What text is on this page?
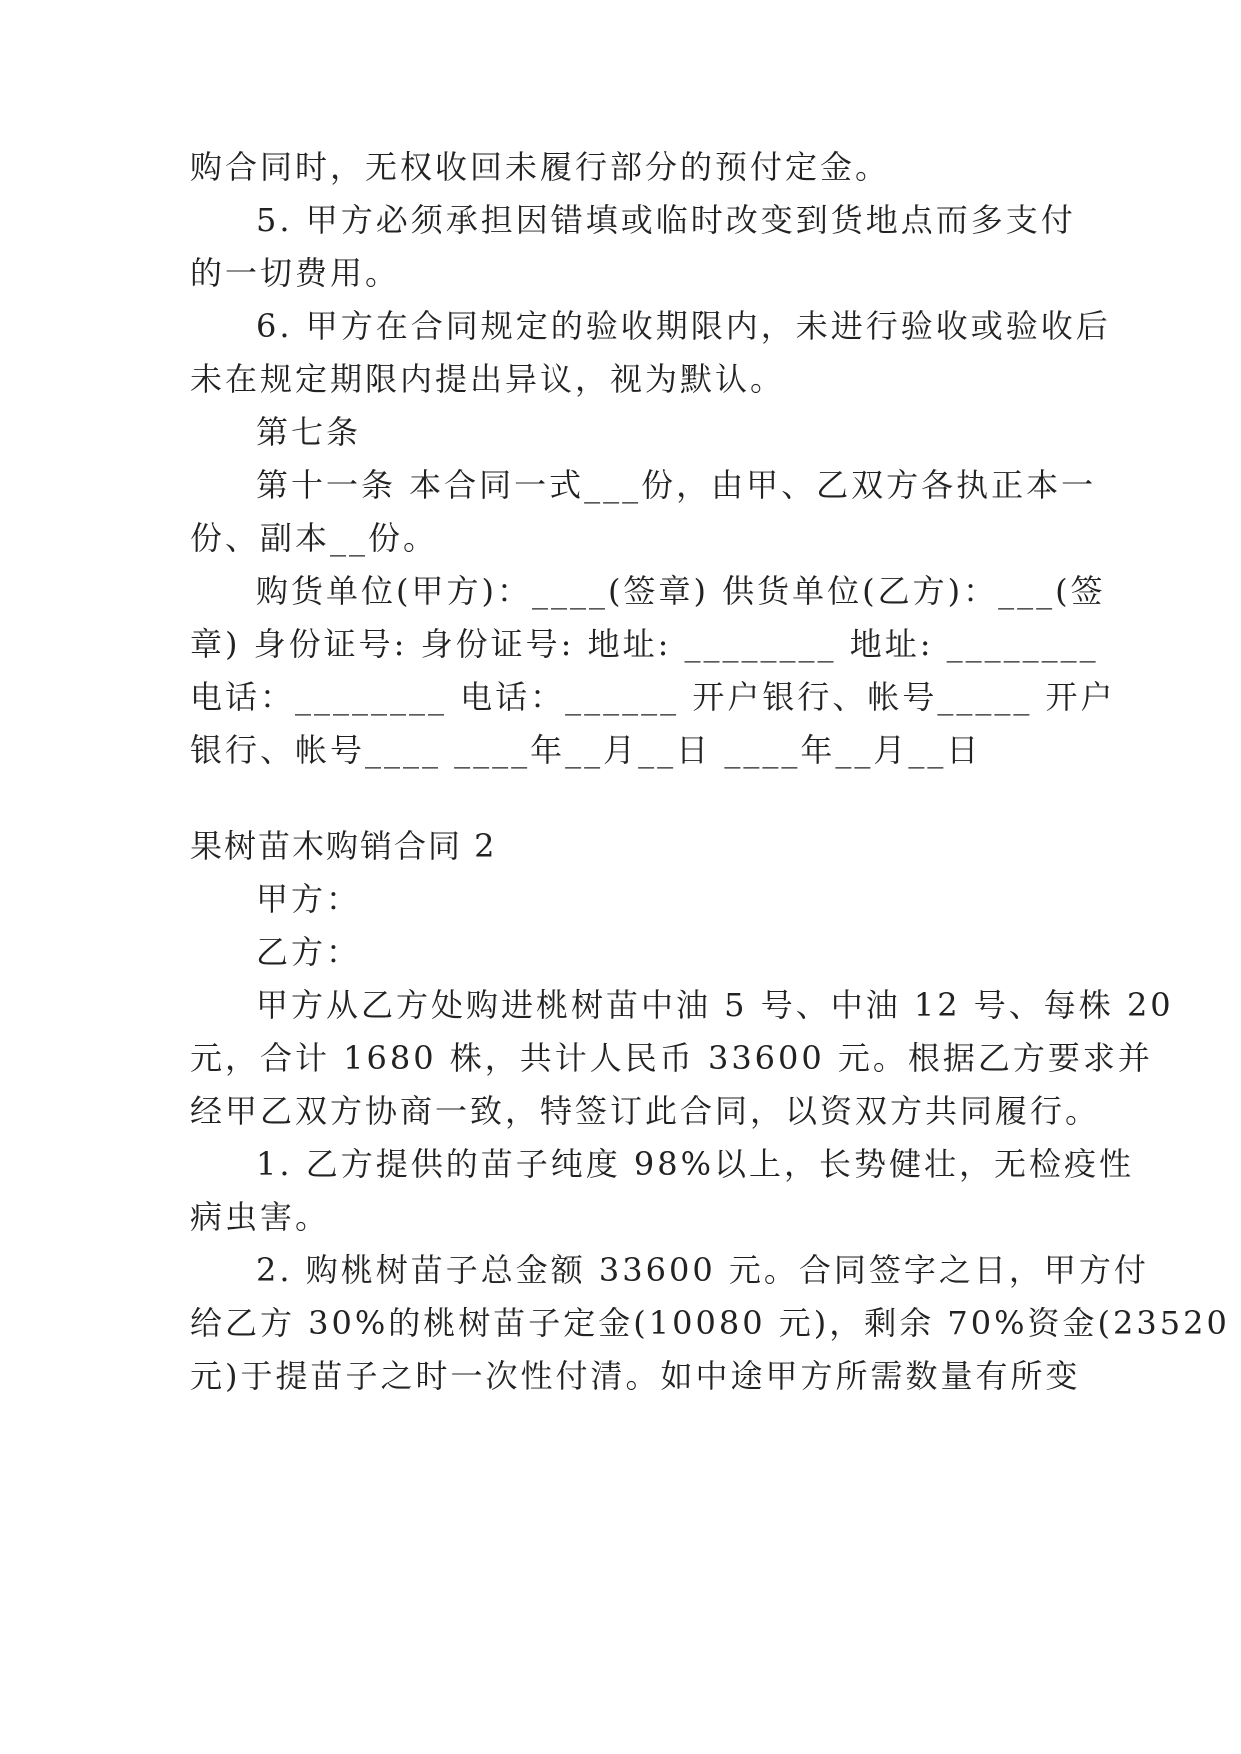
购合同时，无权收回未履行部分的预付定金。
5. 甲方必须承担因错填或临时改变到货地点而多支付
的一切费用。
6. 甲方在合同规定的验收期限内，未进行验收或验收后
未在规定期限内提出异议，视为默认。
第七条
第十一条 本合同一式___份，由甲、乙双方各执正本一
份、副本__份。
购货单位(甲方)：____(签章) 供货单位(乙方)：___(签
章) 身份证号: 身份证号: 地址: ________ 地址: ________
电话：________ 电话：______ 开户银行、帐号_____ 开户
银行、帐号____ ____年__月__日 ____年__月__日
果树苗木购销合同 2
甲方：
乙方：
甲方从乙方处购进桃树苗中油 5 号、中油 12 号、每株 20
元，合计 1680 株，共计人民币 33600 元。根据乙方要求并
经甲乙双方协商一致，特签订此合同，以资双方共同履行。
1. 乙方提供的苗子纯度 98%以上，长势健壮，无检疫性
病虫害。
2. 购桃树苗子总金额 33600 元。合同签字之日，甲方付
给乙方 30%的桃树苗子定金(10080 元)，剩余 70%资金(23520
元)于提苗子之时一次性付清。如中途甲方所需数量有所变
